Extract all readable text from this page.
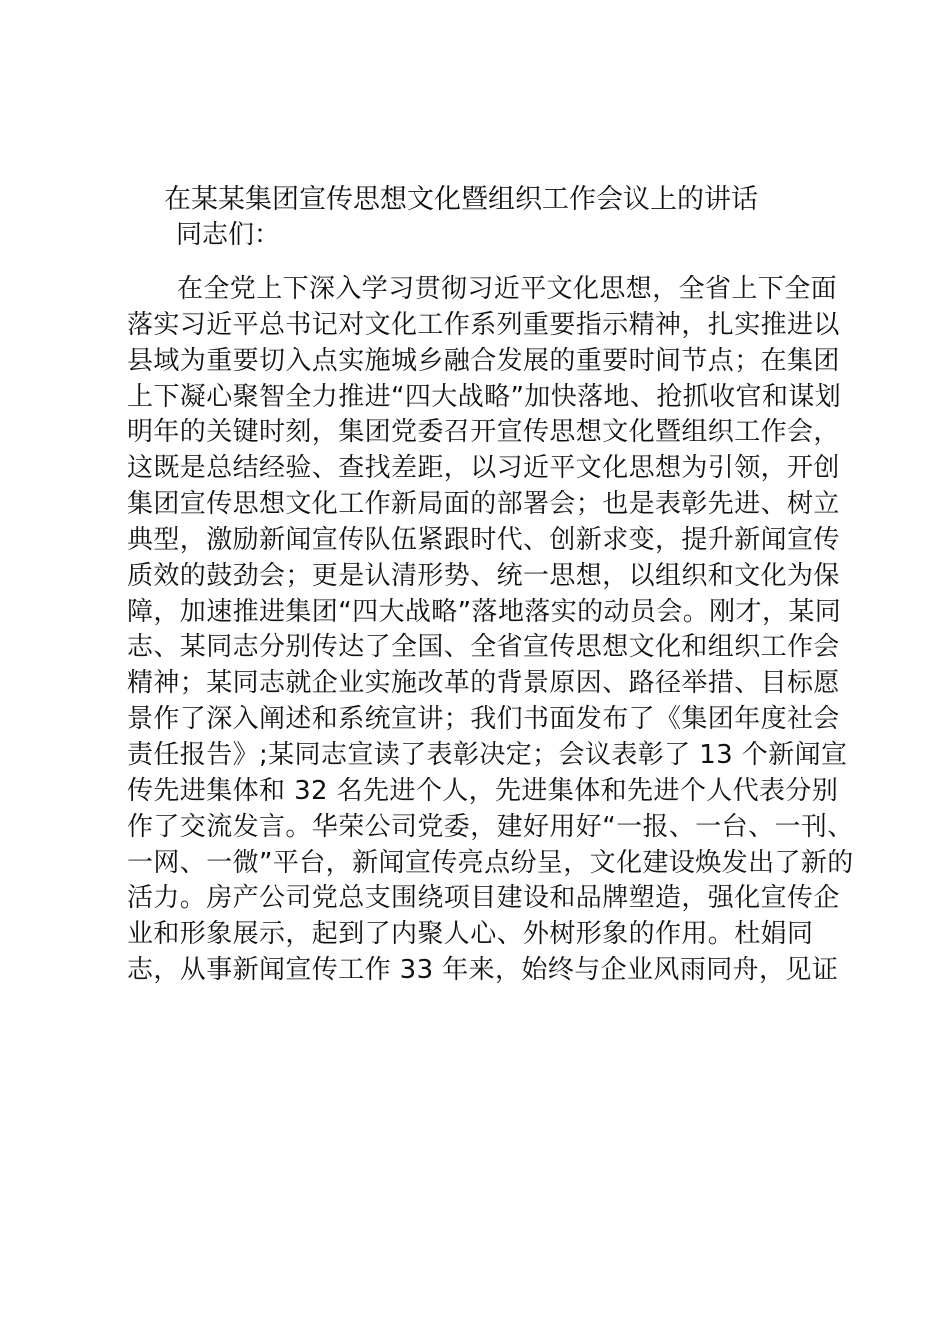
在某某集团宣传思想文化暨组织工作会议上的讲话
同志们：
在全党上下深入学习贯彻习近平文化思想，全省上下全面
落实习近平总书记对文化工作系列重要指示精神，扎实推进以
县域为重要切入点实施城乡融合发展的重要时间节点；在集团
上下凝心聚智全力推进“四大战略”加快落地、抢抓收官和谋划
明年的关键时刻，集团党委召开宣传思想文化暨组织工作会，
这既是总结经验、查找差距，以习近平文化思想为引领，开创
集团宣传思想文化工作新局面的部署会；也是表彰先进、树立
典型，激励新闻宣传队伍紧跟时代、创新求变，提升新闻宣传
质效的鼓劲会；更是认清形势、统一思想，以组织和文化为保
障，加速推进集团“四大战略”落地落实的动员会。刚才，某同
志、某同志分别传达了全国、全省宣传思想文化和组织工作会
精神；某同志就企业实施改革的背景原因、路径举措、目标愿
景作了深入阐述和系统宣讲；我们书面发布了《集团年度社会
责任报告》;某同志宣读了表彰决定；会议表彰了 13 个新闻宣
传先进集体和 32 名先进个人，先进集体和先进个人代表分别
作了交流发言。华荣公司党委，建好用好“一报、一台、一刊、
一网、一微”平台，新闻宣传亮点纷呈，文化建设焕发出了新的
活力。房产公司党总支围绕项目建设和品牌塑造，强化宣传企
业和形象展示，起到了内聚人心、外树形象的作用。杜娟同
志，从事新闻宣传工作 33 年来，始终与企业风雨同舟，见证
